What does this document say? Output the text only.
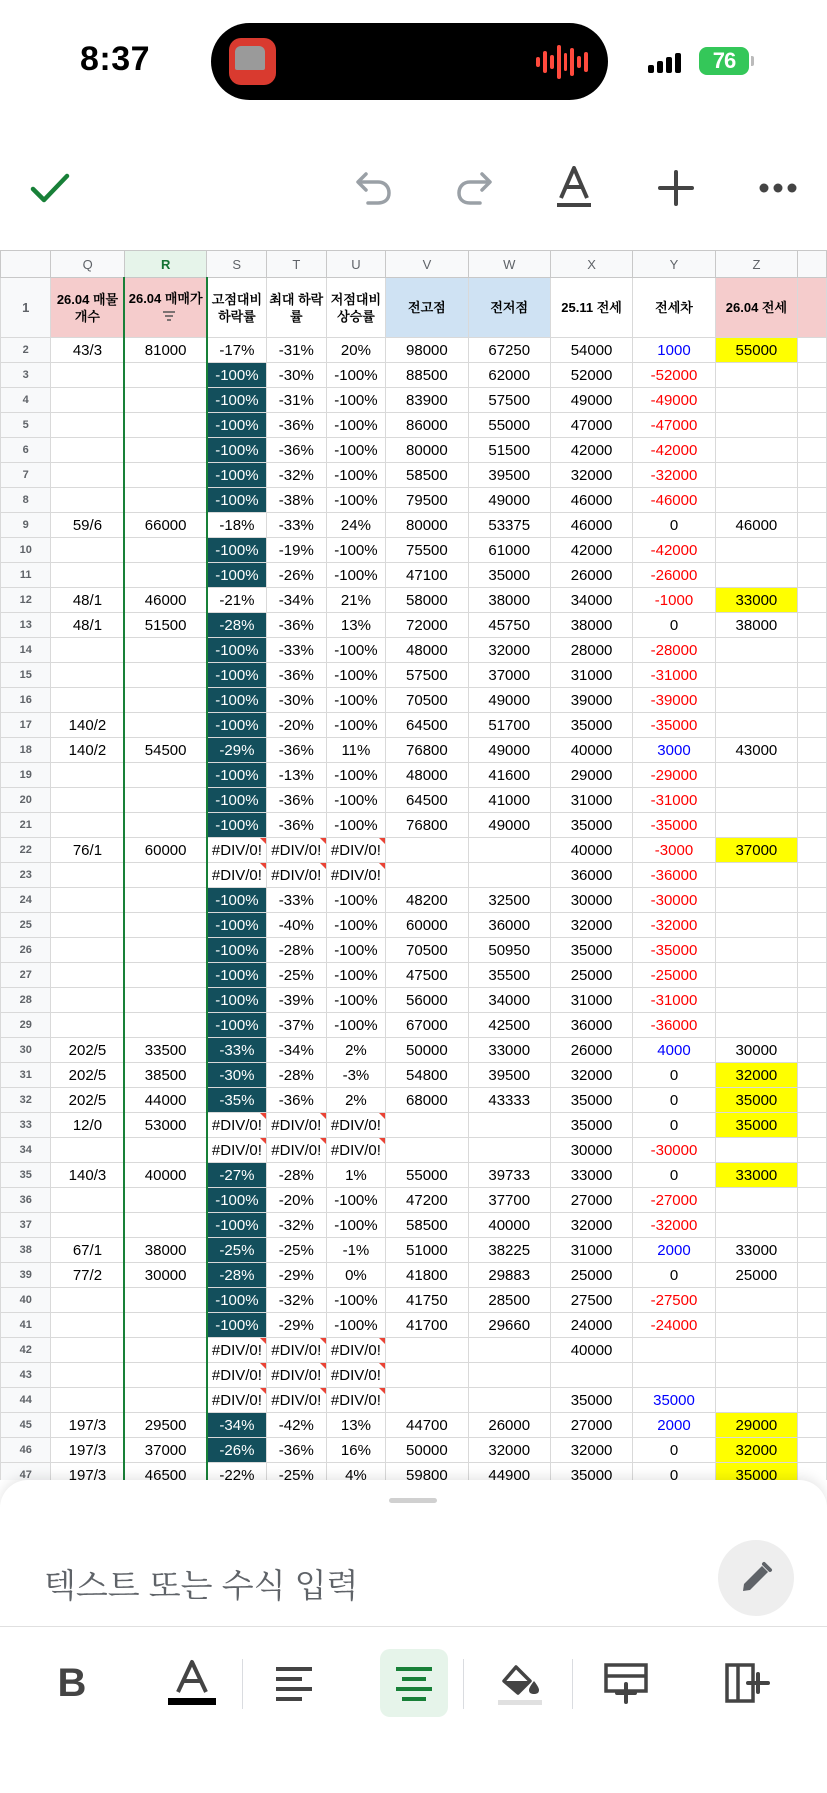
8:37	76
	Q	R	S	T	U	V	W	X	Y	Z	
1	26.04 매물개수	26.04 매매가	고점대비 하락률	최대 하락률	저점대비 상승률	전고점	전저점	25.11 전세	전세차	26.04 전세	
2	43/3	81000	-17%	-31%	20%	98000	67250	54000	1000	55000	
3			-100%	-30%	-100%	88500	62000	52000	-52000		
4			-100%	-31%	-100%	83900	57500	49000	-49000		
5			-100%	-36%	-100%	86000	55000	47000	-47000		
6			-100%	-36%	-100%	80000	51500	42000	-42000		
7			-100%	-32%	-100%	58500	39500	32000	-32000		
8			-100%	-38%	-100%	79500	49000	46000	-46000		
9	59/6	66000	-18%	-33%	24%	80000	53375	46000	0	46000	
10			-100%	-19%	-100%	75500	61000	42000	-42000		
11			-100%	-26%	-100%	47100	35000	26000	-26000		
12	48/1	46000	-21%	-34%	21%	58000	38000	34000	-1000	33000	
13	48/1	51500	-28%	-36%	13%	72000	45750	38000	0	38000	
14			-100%	-33%	-100%	48000	32000	28000	-28000		
15			-100%	-36%	-100%	57500	37000	31000	-31000		
16			-100%	-30%	-100%	70500	49000	39000	-39000		
17	140/2		-100%	-20%	-100%	64500	51700	35000	-35000		
18	140/2	54500	-29%	-36%	11%	76800	49000	40000	3000	43000	
19			-100%	-13%	-100%	48000	41600	29000	-29000		
20			-100%	-36%	-100%	64500	41000	31000	-31000		
21			-100%	-36%	-100%	76800	49000	35000	-35000		
22	76/1	60000	#DIV/0!	#DIV/0!	#DIV/0!			40000	-3000	37000	
23			#DIV/0!	#DIV/0!	#DIV/0!			36000	-36000		
24			-100%	-33%	-100%	48200	32500	30000	-30000		
25			-100%	-40%	-100%	60000	36000	32000	-32000		
26			-100%	-28%	-100%	70500	50950	35000	-35000		
27			-100%	-25%	-100%	47500	35500	25000	-25000		
28			-100%	-39%	-100%	56000	34000	31000	-31000		
29			-100%	-37%	-100%	67000	42500	36000	-36000		
30	202/5	33500	-33%	-34%	2%	50000	33000	26000	4000	30000	
31	202/5	38500	-30%	-28%	-3%	54800	39500	32000	0	32000	
32	202/5	44000	-35%	-36%	2%	68000	43333	35000	0	35000	
33	12/0	53000	#DIV/0!	#DIV/0!	#DIV/0!			35000	0	35000	
34			#DIV/0!	#DIV/0!	#DIV/0!			30000	-30000		
35	140/3	40000	-27%	-28%	1%	55000	39733	33000	0	33000	
36			-100%	-20%	-100%	47200	37700	27000	-27000		
37			-100%	-32%	-100%	58500	40000	32000	-32000		
38	67/1	38000	-25%	-25%	-1%	51000	38225	31000	2000	33000	
39	77/2	30000	-28%	-29%	0%	41800	29883	25000	0	25000	
40			-100%	-32%	-100%	41750	28500	27500	-27500		
41			-100%	-29%	-100%	41700	29660	24000	-24000		
42			#DIV/0!	#DIV/0!	#DIV/0!			40000			
43			#DIV/0!	#DIV/0!	#DIV/0!						
44			#DIV/0!	#DIV/0!	#DIV/0!			35000	35000		
45	197/3	29500	-34%	-42%	13%	44700	26000	27000	2000	29000	
46	197/3	37000	-26%	-36%	16%	50000	32000	32000	0	32000	
47	197/3	46500	-22%	-25%	4%	59800	44900	35000	0	35000	
텍스트 또는 수식 입력
B
